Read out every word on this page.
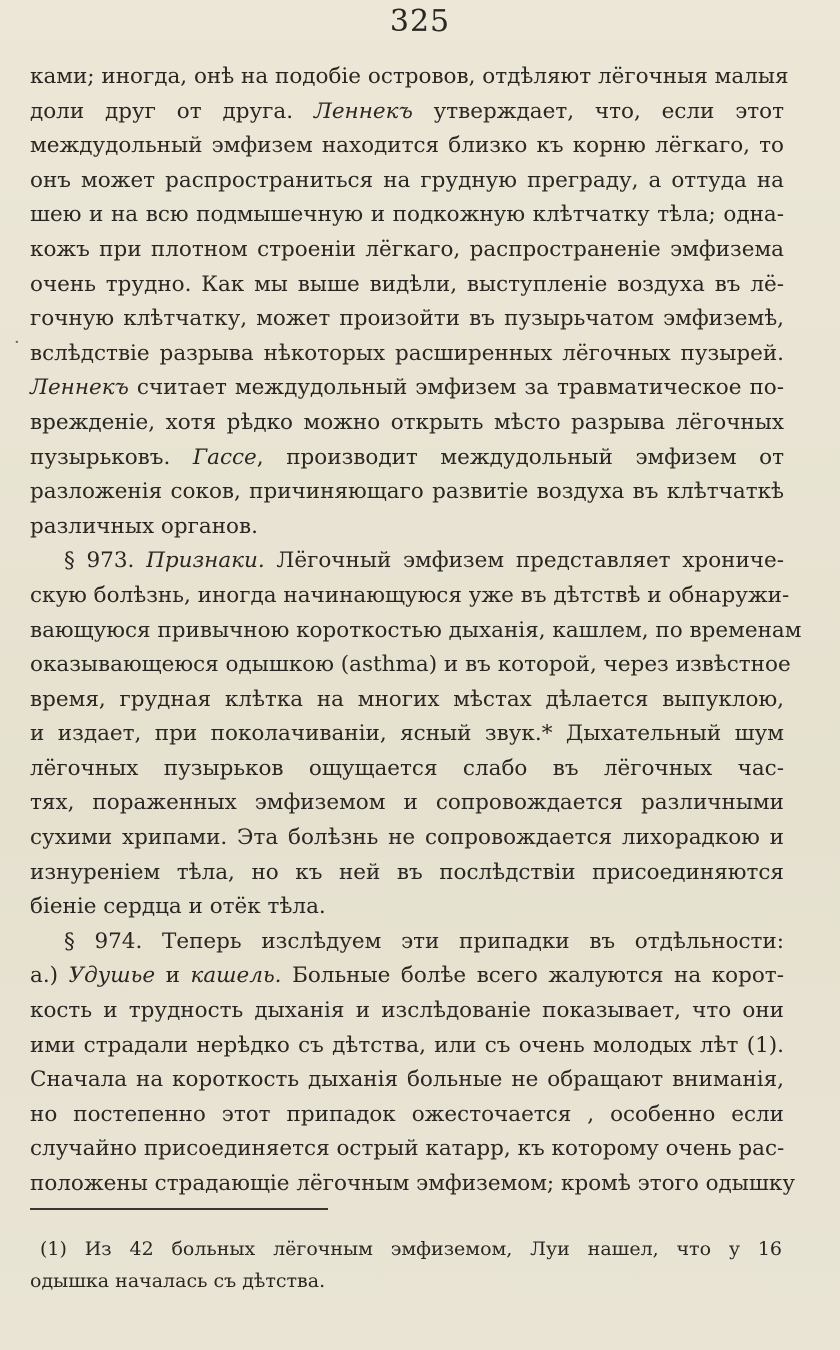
325
·
ками; иногда, онѣ на подобіе островов, отдѣляют лёгочныя малыя
доли друг от друга. Леннекъ утверждает, что, если этот
междудольный эмфизем находится близко къ корню лёгкаго, то
онъ может распространиться на грудную преграду, а оттуда на
шею и на всю подмышечную и подкожную клѣтчатку тѣла; одна-
кожъ при плотном строеніи лёгкаго, распространеніе эмфизема
очень трудно. Как мы выше видѣли, выступленіе воздуха въ лё-
гочную клѣтчатку, может произойти въ пузырьчатом эмфиземѣ,
вслѣдствіе разрыва нѣкоторых расширенных лёгочных пузырей.
Леннекъ считает междудольный эмфизем за травматическое по-
врежденіе, хотя рѣдко можно открыть мѣсто разрыва лёгочных
пузырьковъ. Гассе, производит междудольный эмфизем от
разложенія соков, причиняющаго развитіе воздуха въ клѣтчаткѣ
различных органов.
§ 973. Признаки. Лёгочный эмфизем представляет хрониче-
скую болѣзнь, иногда начинающуюся уже въ дѣтствѣ и обнаружи-
вающуюся привычною короткостью дыханія, кашлем, по временам
оказывающеюся одышкою (asthma) и въ которой, через извѣстное
время, грудная клѣтка на многих мѣстах дѣлается выпуклою,
и издает, при поколачиваніи, ясный звук.* Дыхательный шум
лёгочных пузырьков ощущается слабо въ лёгочных час-
тях, пораженных эмфиземом и сопровождается различными
сухими хрипами. Эта болѣзнь не сопровождается лихорадкою и
изнуреніем тѣла, но къ ней въ послѣдствіи присоединяются
біеніе сердца и отёк тѣла.
§ 974. Теперь изслѣдуем эти припадки въ отдѣльности:
a.) Удушье и кашель. Больные болѣе всего жалуются на корот-
кость и трудность дыханія и изслѣдованіе показывает, что они
ими страдали нерѣдко съ дѣтства, или съ очень молодых лѣт (1).
Сначала на короткость дыханія больные не обращают вниманія,
но постепенно этот припадок ожесточается , особенно если
случайно присоединяется острый катарр, къ которому очень рас-
положены страдающіе лёгочным эмфиземом; кромѣ этого одышку
(1) Из 42 больных лёгочным эмфиземом, Луи нашел, что у 16
одышка началась съ дѣтства.
